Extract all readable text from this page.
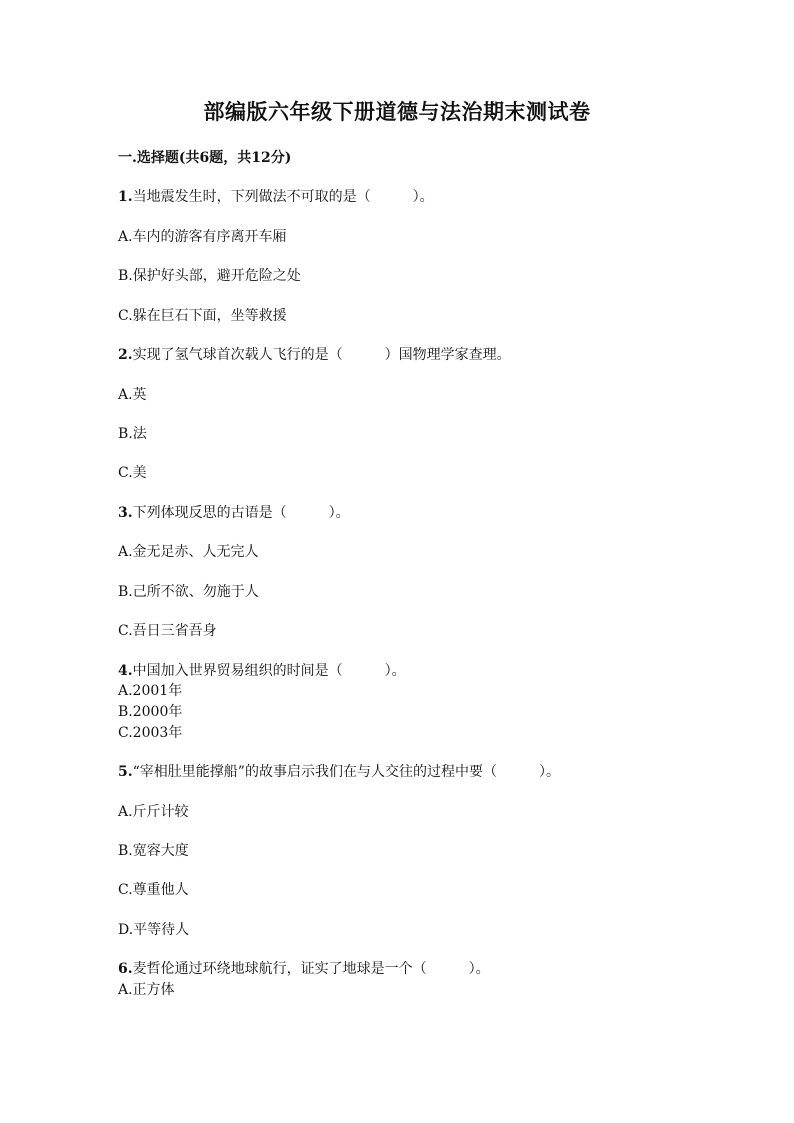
部编版六年级下册道德与法治期末测试卷
一.选择题(共6题，共12分)
1.当地震发生时，下列做法不可取的是（　　　）。
A.车内的游客有序离开车厢
B.保护好头部，避开危险之处
C.躲在巨石下面，坐等救援
2.实现了氢气球首次载人飞行的是（　　　）国物理学家查理。
A.英
B.法
C.美
3.下列体现反思的古语是（　　　）。
A.金无足赤、人无完人
B.己所不欲、勿施于人
C.吾日三省吾身
4.中国加入世界贸易组织的时间是（　　　）。
A.2001年
B.2000年
C.2003年
5.“宰相肚里能撑船”的故事启示我们在与人交往的过程中要（　　　）。
A.斤斤计较
B.宽容大度
C.尊重他人
D.平等待人
6.麦哲伦通过环绕地球航行，证实了地球是一个（　　　）。
A.正方体
